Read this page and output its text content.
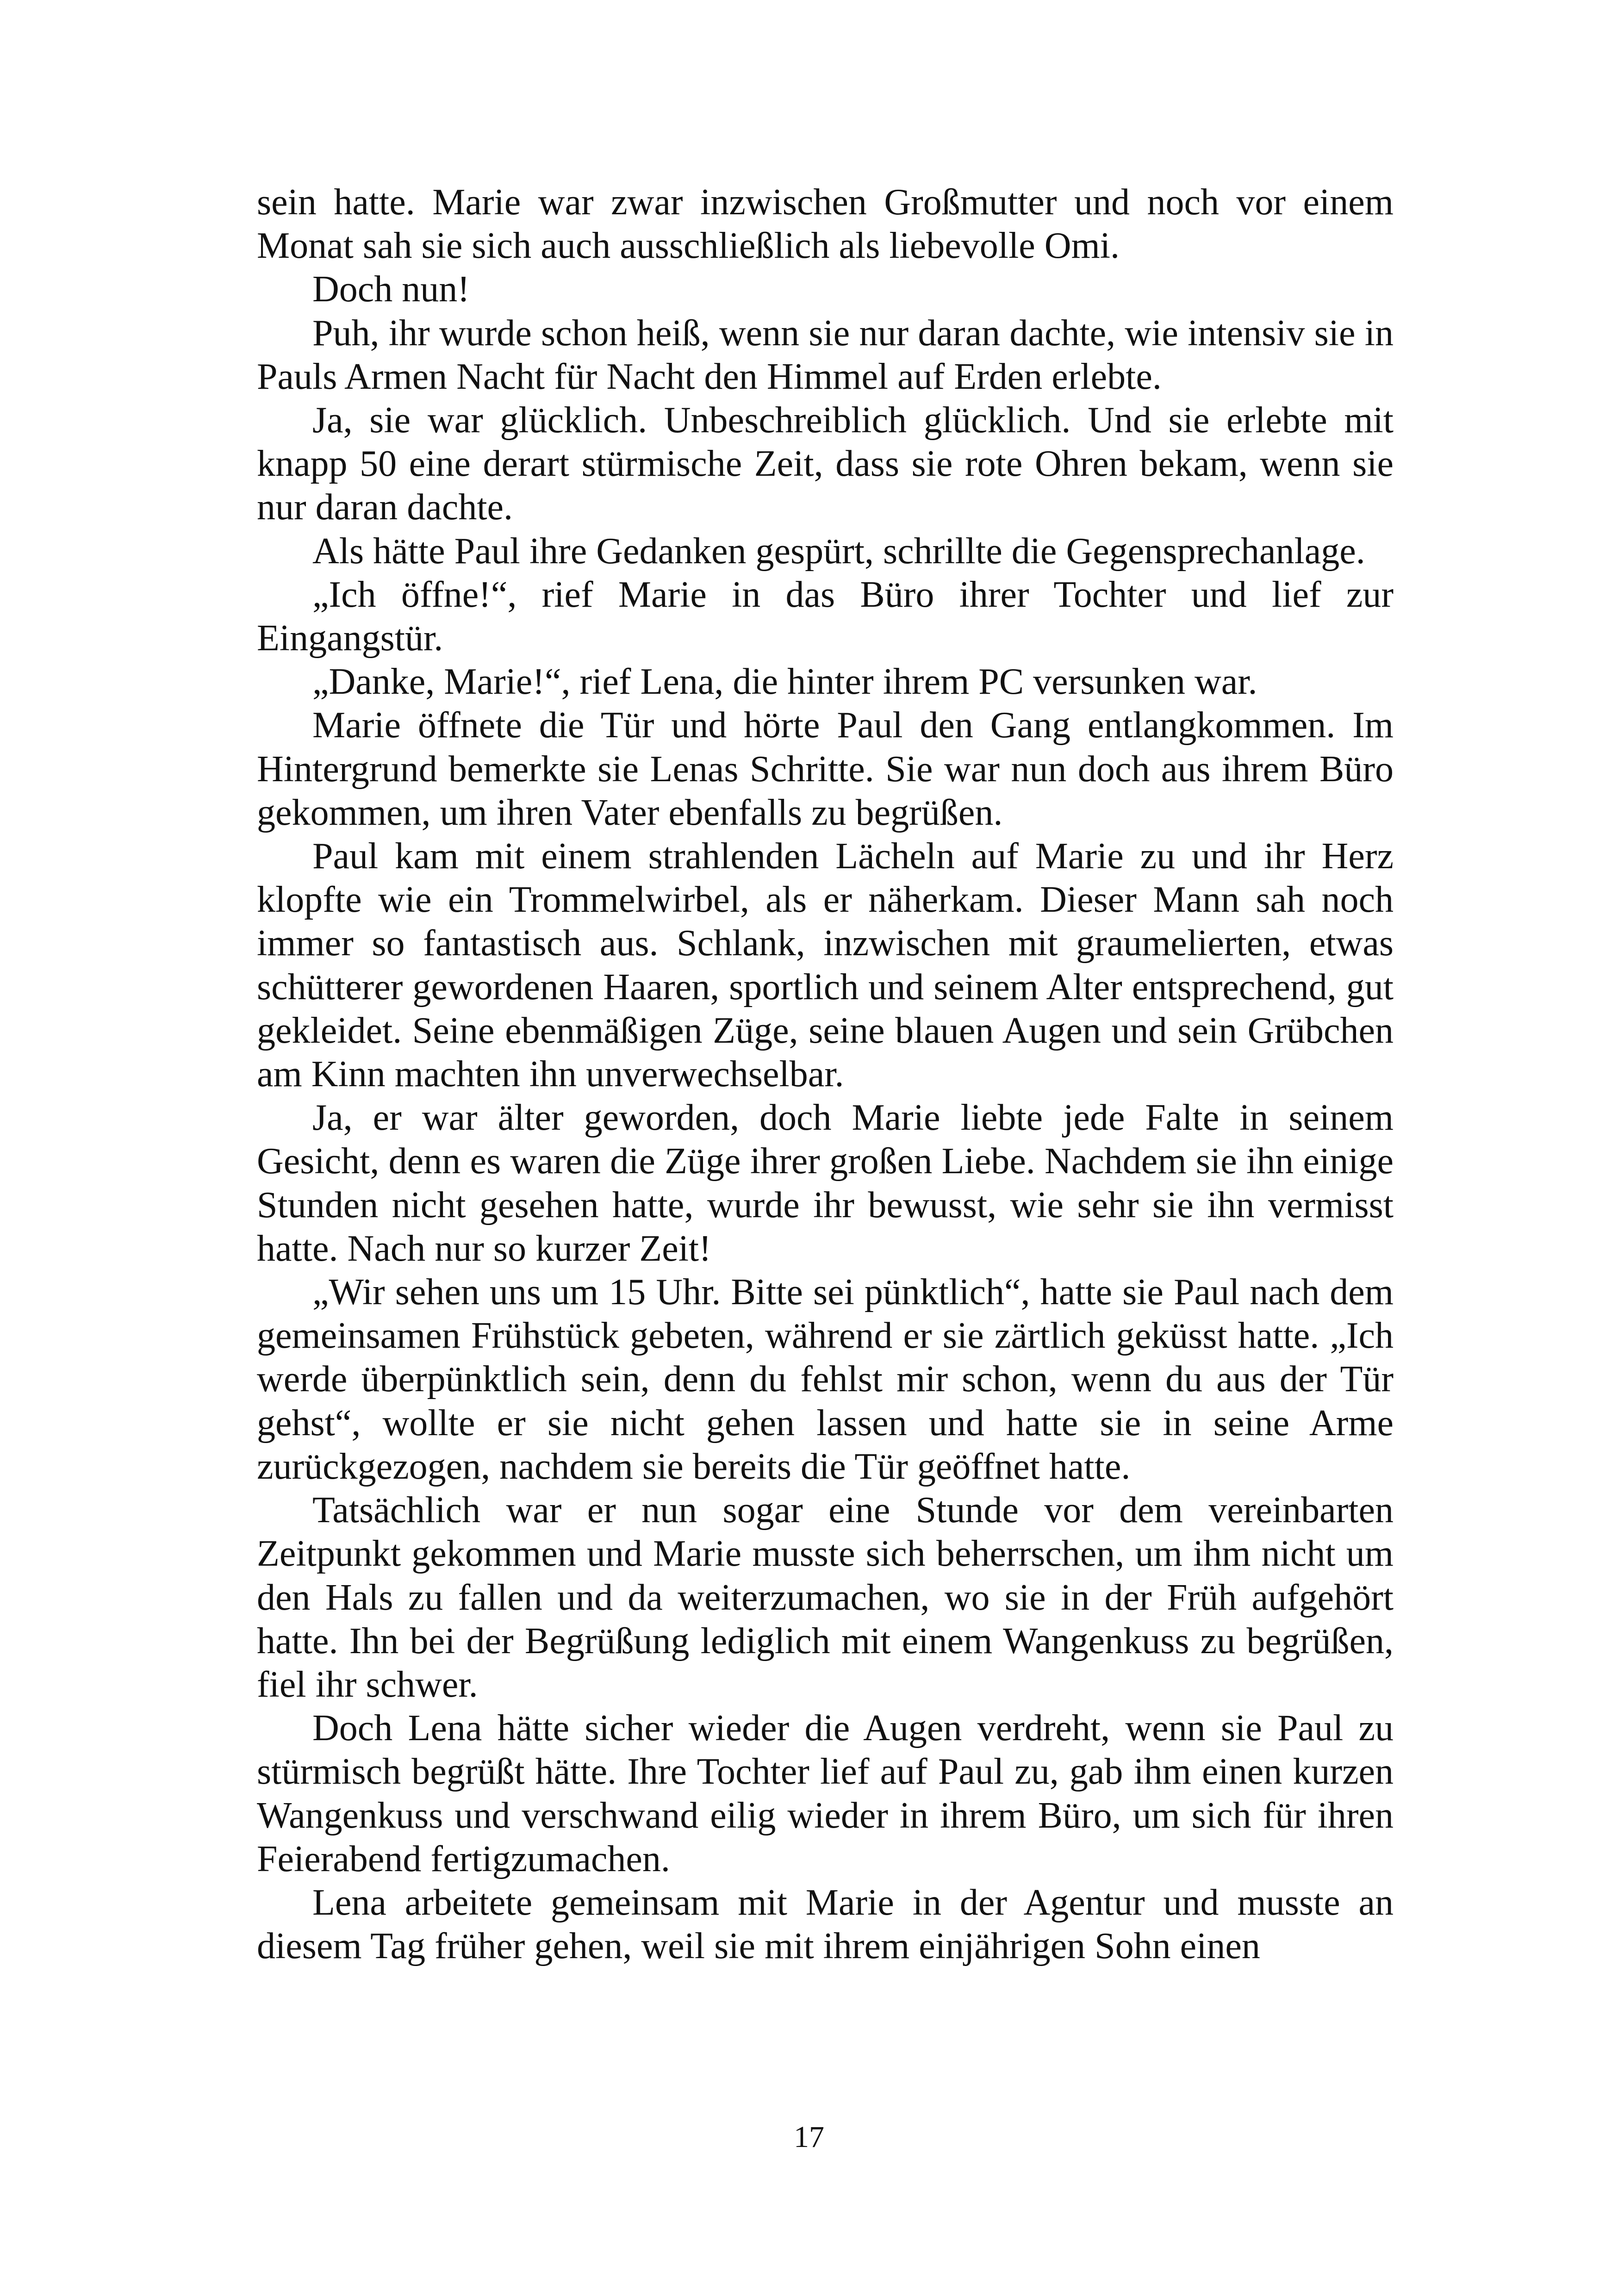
sein hatte. Marie war zwar inzwischen Großmutter und noch vor einem Monat sah sie sich auch ausschließlich als liebevolle Omi.

Doch nun!

Puh, ihr wurde schon heiß, wenn sie nur daran dachte, wie intensiv sie in Pauls Armen Nacht für Nacht den Himmel auf Erden erlebte.

Ja, sie war glücklich. Unbeschreiblich glücklich. Und sie erlebte mit knapp 50 eine derart stürmische Zeit, dass sie rote Ohren bekam, wenn sie nur daran dachte.

Als hätte Paul ihre Gedanken gespürt, schrillte die Gegensprechanlage.

„Ich öffne!“, rief Marie in das Büro ihrer Tochter und lief zur Eingangstür.

„Danke, Marie!“, rief Lena, die hinter ihrem PC versunken war.

Marie öffnete die Tür und hörte Paul den Gang entlangkommen. Im Hintergrund bemerkte sie Lenas Schritte. Sie war nun doch aus ihrem Büro gekommen, um ihren Vater ebenfalls zu begrüßen.

Paul kam mit einem strahlenden Lächeln auf Marie zu und ihr Herz klopfte wie ein Trommelwirbel, als er näherkam. Dieser Mann sah noch immer so fantastisch aus. Schlank, inzwischen mit graumelierten, etwas schütterer gewordenen Haaren, sportlich und seinem Alter entsprechend, gut gekleidet. Seine ebenmäßigen Züge, seine blauen Augen und sein Grübchen am Kinn machten ihn unverwechselbar.

Ja, er war älter geworden, doch Marie liebte jede Falte in seinem Gesicht, denn es waren die Züge ihrer großen Liebe. Nachdem sie ihn einige Stunden nicht gesehen hatte, wurde ihr bewusst, wie sehr sie ihn vermisst hatte. Nach nur so kurzer Zeit!

„Wir sehen uns um 15 Uhr. Bitte sei pünktlich“, hatte sie Paul nach dem gemeinsamen Frühstück gebeten, während er sie zärtlich geküsst hatte. „Ich werde überpünktlich sein, denn du fehlst mir schon, wenn du aus der Tür gehst“, wollte er sie nicht gehen lassen und hatte sie in seine Arme zurückgezogen, nachdem sie bereits die Tür geöffnet hatte.

Tatsächlich war er nun sogar eine Stunde vor dem vereinbarten Zeitpunkt gekommen und Marie musste sich beherrschen, um ihm nicht um den Hals zu fallen und da weiterzumachen, wo sie in der Früh aufgehört hatte. Ihn bei der Begrüßung lediglich mit einem Wangenkuss zu begrüßen, fiel ihr schwer.

Doch Lena hätte sicher wieder die Augen verdreht, wenn sie Paul zu stürmisch begrüßt hätte. Ihre Tochter lief auf Paul zu, gab ihm einen kurzen Wangenkuss und verschwand eilig wieder in ihrem Büro, um sich für ihren Feierabend fertigzumachen.

Lena arbeitete gemeinsam mit Marie in der Agentur und musste an diesem Tag früher gehen, weil sie mit ihrem einjährigen Sohn einen

17
